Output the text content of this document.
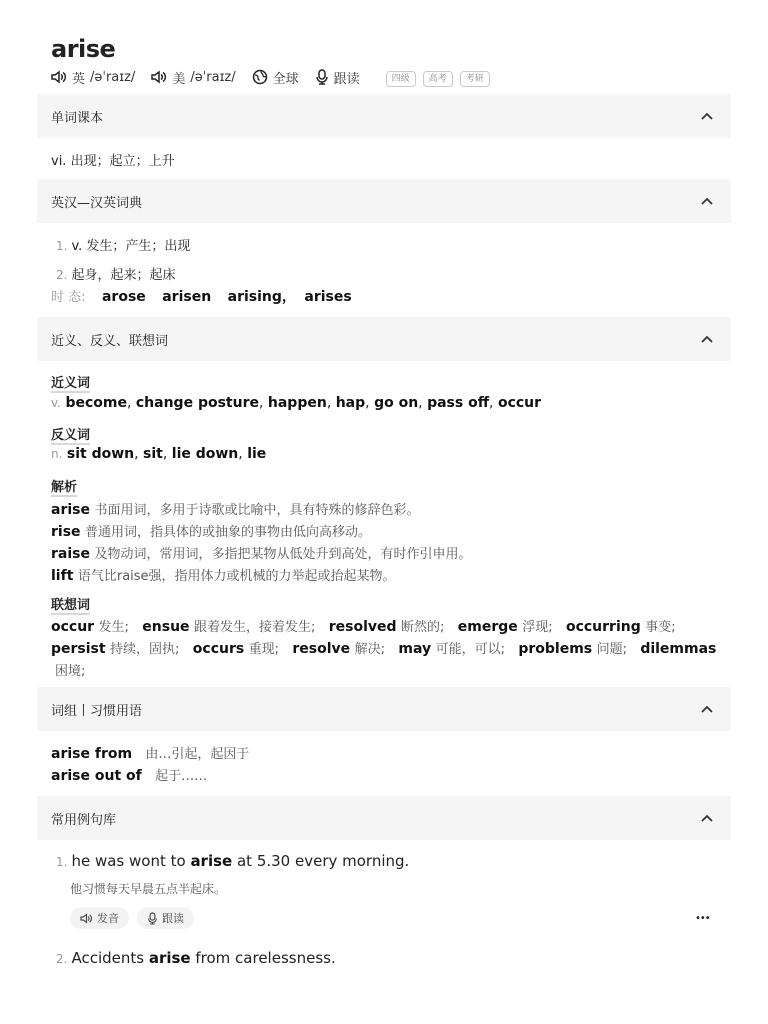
arise
英 /əˈraɪz/	美 /əˈraɪz/	全球	跟读	四级	高考	考研
单词课本
vi. 出现；起立；上升
英汉—汉英词典
1. v. 发生；产生；出现
2. 起身，起来；起床
时 态: arose arisen arising， arises
近义、反义、联想词
近义词
v. become, change posture, happen, hap, go on, pass off, occur
反义词
n. sit down, sit, lie down, lie
解析
arise 书面用词，多用于诗歌或比喻中，具有特殊的修辞色彩。
rise 普通用词，指具体的或抽象的事物由低向高移动。
raise 及物动词，常用词，多指把某物从低处升到高处，有时作引申用。
lift 语气比raise强，指用体力或机械的力举起或抬起某物。
联想词
occur 发生; ensue 跟着发生，接着发生; resolved 断然的; emerge 浮现; occurring 事变;
persist 持续，固执; occurs 重现; resolve 解决; may 可能，可以; problems 问题; dilemmas
困境;
词组丨习惯用语
arise from 由…引起，起因于
arise out of 起于……
常用例句库
1. he was wont to arise at 5.30 every morning.
他习惯每天早晨五点半起床。
发音	跟读	•••
2. Accidents arise from carelessness.
